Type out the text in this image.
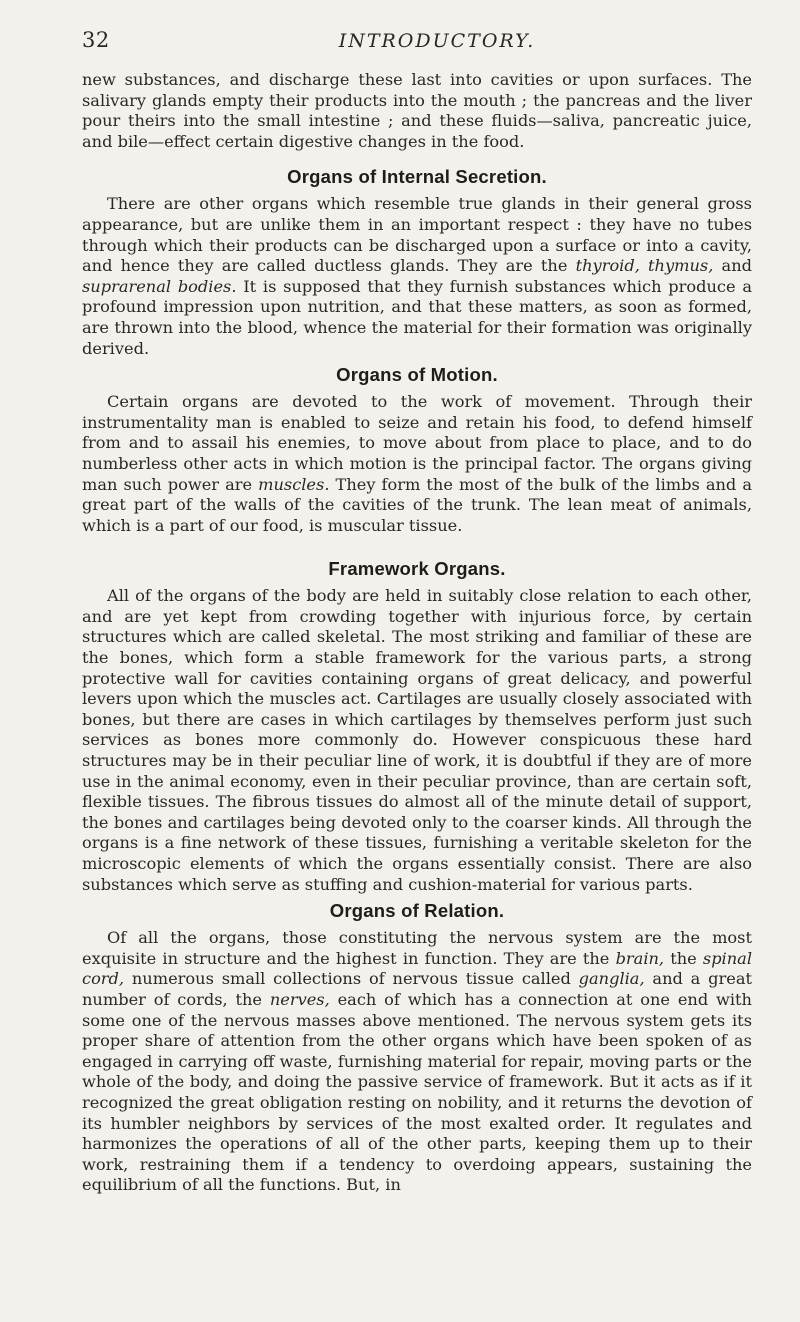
32	INTRODUCTORY.

new substances, and discharge these last into cavities or upon surfaces. The salivary glands empty their products into the mouth ; the pancreas and the liver pour theirs into the small intestine ; and these fluids—saliva, pancreatic juice, and bile—effect certain digestive changes in the food.

Organs of Internal Secretion.

There are other organs which resemble true glands in their general gross appearance, but are unlike them in an important respect : they have no tubes through which their products can be discharged upon a surface or into a cavity, and hence they are called ductless glands. They are the thyroid, thymus, and suprarenal bodies. It is supposed that they furnish substances which produce a profound impression upon nutrition, and that these matters, as soon as formed, are thrown into the blood, whence the material for their formation was originally derived.

Organs of Motion.

Certain organs are devoted to the work of movement. Through their instrumentality man is enabled to seize and retain his food, to defend himself from and to assail his enemies, to move about from place to place, and to do numberless other acts in which motion is the principal factor. The organs giving man such power are muscles. They form the most of the bulk of the limbs and a great part of the walls of the cavities of the trunk. The lean meat of animals, which is a part of our food, is muscular tissue.

Framework Organs.

All of the organs of the body are held in suitably close relation to each other, and are yet kept from crowding together with injurious force, by certain structures which are called skeletal. The most striking and familiar of these are the bones, which form a stable framework for the various parts, a strong protective wall for cavities containing organs of great delicacy, and powerful levers upon which the muscles act. Cartilages are usually closely associated with bones, but there are cases in which cartilages by themselves perform just such services as bones more commonly do. However conspicuous these hard structures may be in their peculiar line of work, it is doubtful if they are of more use in the animal economy, even in their peculiar province, than are certain soft, flexible tissues. The fibrous tissues do almost all of the minute detail of support, the bones and cartilages being devoted only to the coarser kinds. All through the organs is a fine network of these tissues, furnishing a veritable skeleton for the microscopic elements of which the organs essentially consist. There are also substances which serve as stuffing and cushion-material for various parts.

Organs of Relation.

Of all the organs, those constituting the nervous system are the most exquisite in structure and the highest in function. They are the brain, the spinal cord, numerous small collections of nervous tissue called ganglia, and a great number of cords, the nerves, each of which has a connection at one end with some one of the nervous masses above mentioned. The nervous system gets its proper share of attention from the other organs which have been spoken of as engaged in carrying off waste, furnishing material for repair, moving parts or the whole of the body, and doing the passive service of framework. But it acts as if it recognized the great obligation resting on nobility, and it returns the devotion of its humbler neighbors by services of the most exalted order. It regulates and harmonizes the operations of all of the other parts, keeping them up to their work, restraining them if a tendency to overdoing appears, sustaining the equilibrium of all the functions. But, in
